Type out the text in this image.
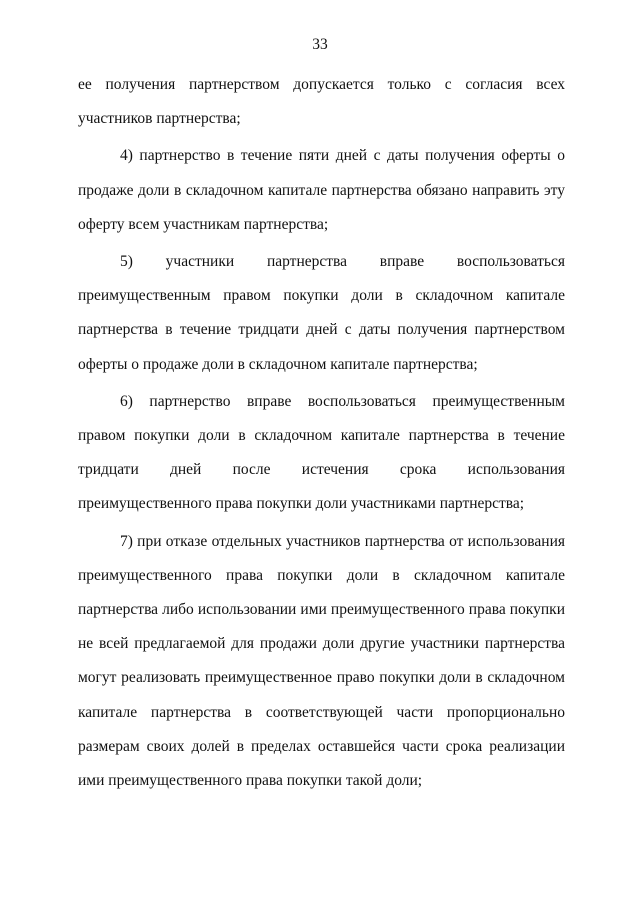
33

ее получения партнерством допускается только с согласия всех участников партнерства;

4) партнерство в течение пяти дней с даты получения оферты о продаже доли в складочном капитале партнерства обязано направить эту оферту всем участникам партнерства;

5) участники партнерства вправе воспользоваться преимущественным правом покупки доли в складочном капитале партнерства в течение тридцати дней с даты получения партнерством оферты о продаже доли в складочном капитале партнерства;

6) партнерство вправе воспользоваться преимущественным правом покупки доли в складочном капитале партнерства в течение тридцати дней после истечения срока использования преимущественного права покупки доли участниками партнерства;

7) при отказе отдельных участников партнерства от использования преимущественного права покупки доли в складочном капитале партнерства либо использовании ими преимущественного права покупки не всей предлагаемой для продажи доли другие участники партнерства могут реализовать преимущественное право покупки доли в складочном капитале партнерства в соответствующей части пропорционально размерам своих долей в пределах оставшейся части срока реализации ими преимущественного права покупки такой доли;
